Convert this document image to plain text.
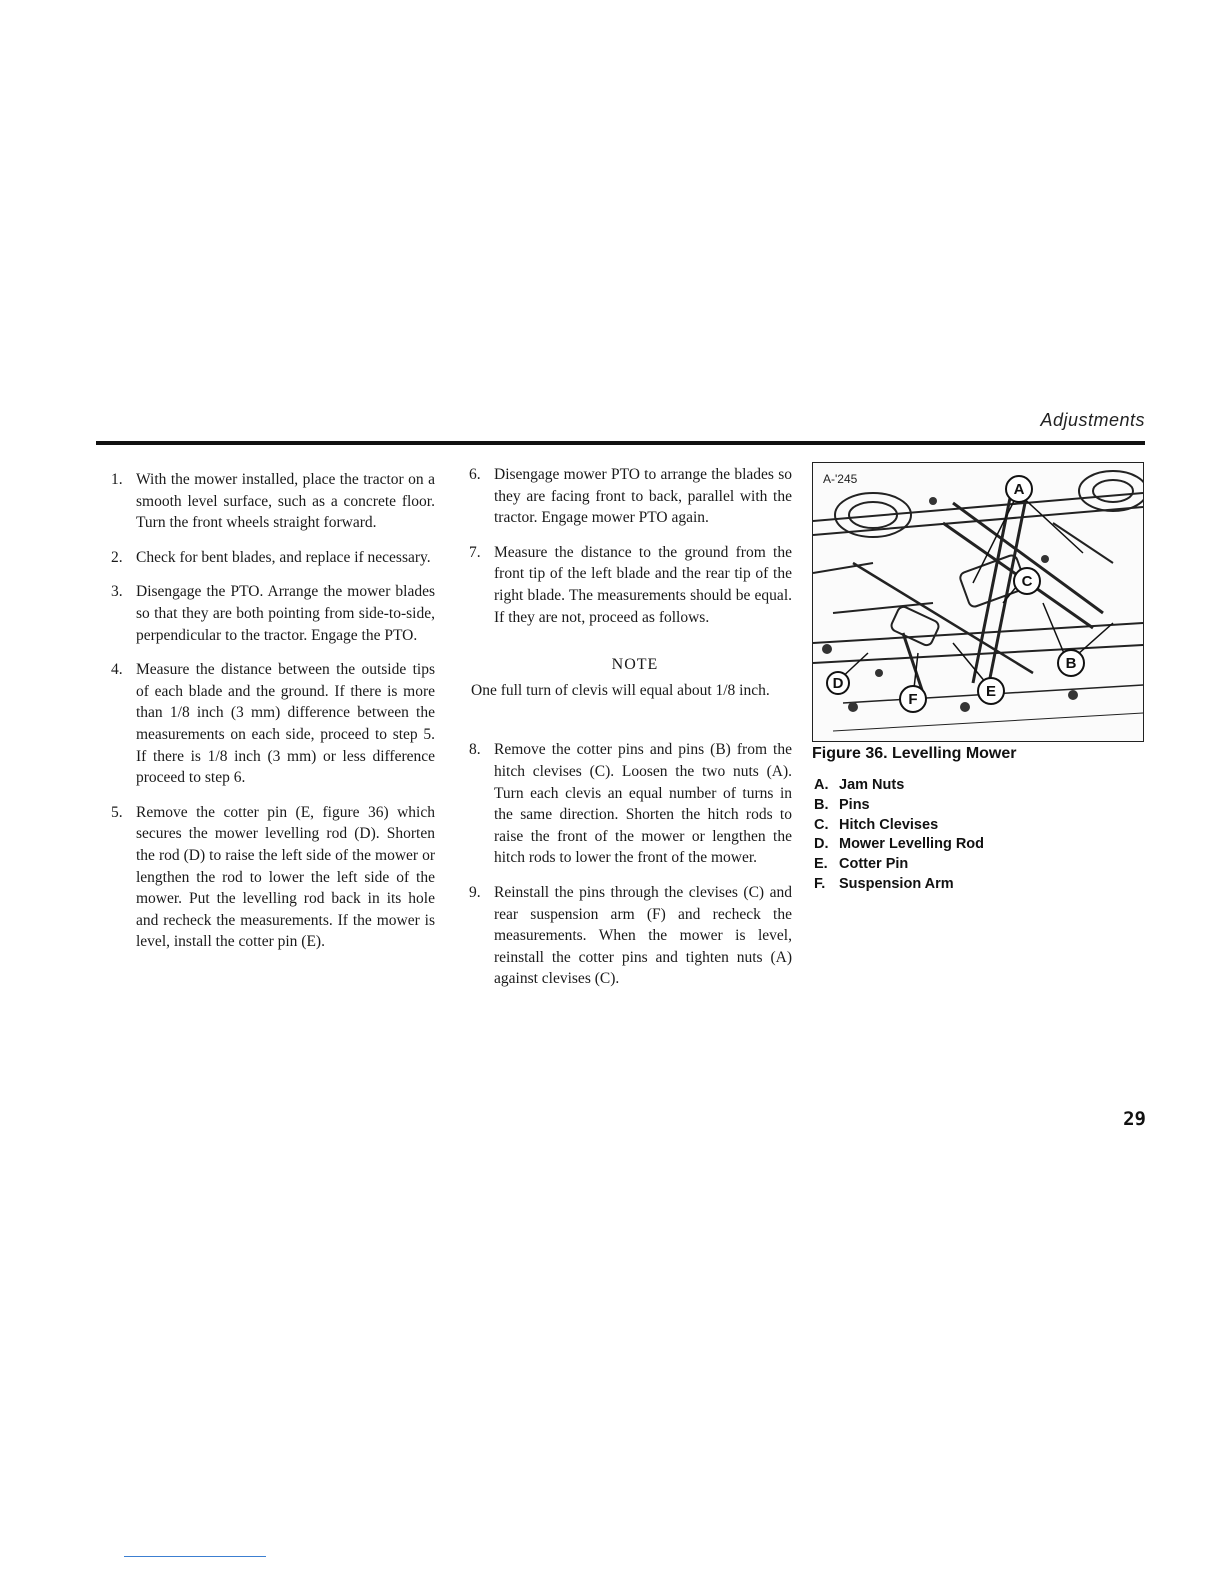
Adjustments
1. With the mower installed, place the tractor on a smooth level surface, such as a concrete floor. Turn the front wheels straight forward.
2. Check for bent blades, and replace if necessary.
3. Disengage the PTO. Arrange the mower blades so that they are both pointing from side-to-side, perpendicular to the tractor. Engage the PTO.
4. Measure the distance between the outside tips of each blade and the ground. If there is more than 1/8 inch (3 mm) difference between the measurements on each side, proceed to step 5. If there is 1/8 inch (3 mm) or less difference proceed to step 6.
5. Remove the cotter pin (E, figure 36) which secures the mower levelling rod (D). Shorten the rod (D) to raise the left side of the mower or lengthen the rod to lower the left side of the mower. Put the levelling rod back in its hole and recheck the measurements. If the mower is level, install the cotter pin (E).
6. Disengage mower PTO to arrange the blades so they are facing front to back, parallel with the tractor. Engage mower PTO again.
7. Measure the distance to the ground from the front tip of the left blade and the rear tip of the right blade. The measurements should be equal. If they are not, proceed as follows.
NOTE
One full turn of clevis will equal about 1/8 inch.
8. Remove the cotter pins and pins (B) from the hitch clevises (C). Loosen the two nuts (A). Turn each clevis an equal number of turns in the same direction. Shorten the hitch rods to raise the front of the mower or lengthen the hitch rods to lower the front of the mower.
9. Reinstall the pins through the clevises (C) and rear suspension arm (F) and recheck the measurements. When the mower is level, reinstall the cotter pins and tighten nuts (A) against clevises (C).
A-'245
A
B
C
D	E
F
Figure 36. Levelling Mower
A. Jam Nuts
B. Pins
C. Hitch Clevises
D. Mower Levelling Rod
E. Cotter Pin
F. Suspension Arm
29
